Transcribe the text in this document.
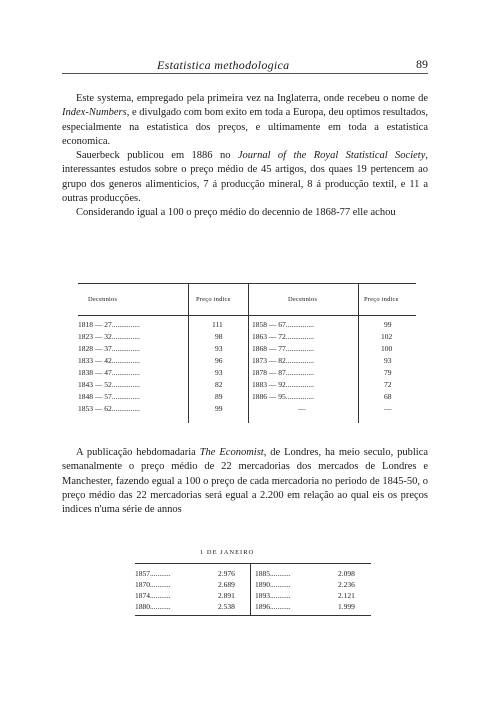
Estatistica methodologica	89

Este systema, empregado pela primeira vez na Inglaterra, onde recebeu o nome de Index-Numbers, e divulgado com bom exito em toda a Europa, deu optimos resultados, especialmente na estatistica dos preços, e ultimamente em toda a estatistica economica.

Sauerbeck publicou em 1886 no Journal of the Royal Statistical Society, interessantes estudos sobre o preço médio de 45 artigos, dos quaes 19 pertencem ao grupo dos generos alimenticios, 7 á producção mineral, 8 á producção textil, e 11 a outras producções.

Considerando igual a 100 o preço médio do decennio de 1868-77 elle achou

Decennios	Preço indice	Decennios	Preço indice
1818 — 27...............	111	1858 — 67...............	99
1823 — 32...............	98	1863 — 72...............	102
1828 — 37...............	93	1868 — 77...............	100
1833 — 42...............	96	1873 — 82...............	93
1838 — 47...............	93	1878 — 87...............	79
1843 — 52...............	82	1883 — 92...............	72
1848 — 57...............	89	1886 — 95...............	68
1853 — 62...............	99	—	—

A publicação hebdomadaria The Economist, de Londres, ha meio seculo, publica semanalmente o preço médio de 22 mercadorias dos mercados de Londres e Manchester, fazendo egual a 100 o preço de cada mercadoria no periodo de 1845-50, o preço médio das 22 mercadorias será egual a 2.200 em relação ao qual eis os preços indices n'uma série de annos

1 DE JANEIRO
1857...........	2.976	1885...........	2.098
1870...........	2.689	1890...........	2.236
1874...........	2.891	1893...........	2.121
1880...........	2.538	1896...........	1.999
